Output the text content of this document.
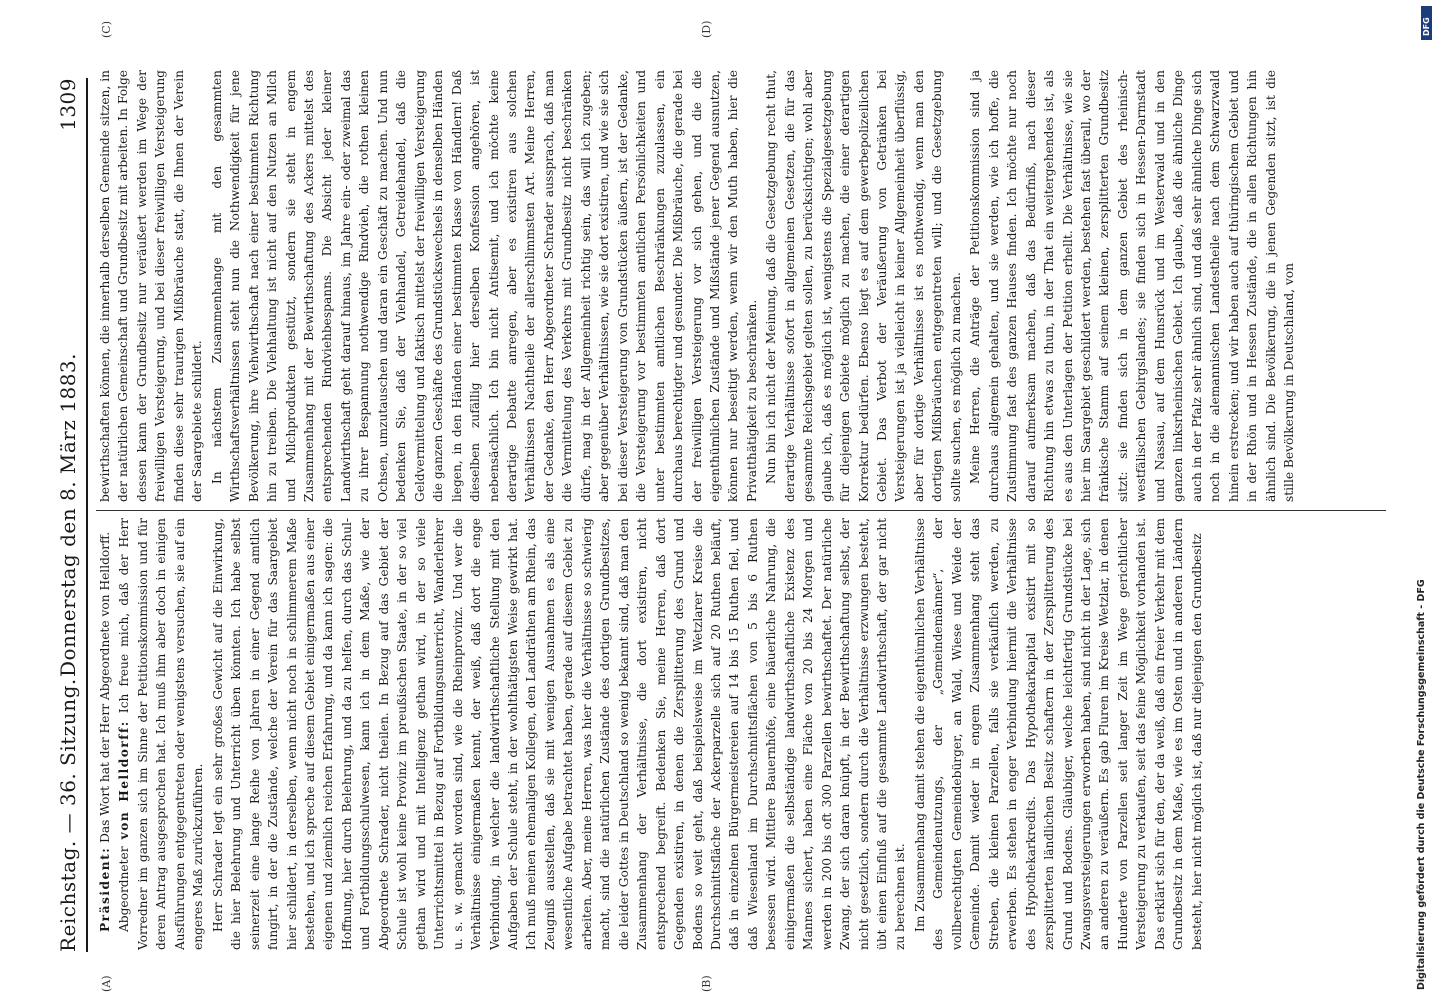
Reichstag. — 36. Sitzung.
Donnerstag den 8. März 1883.
1309
(A)	(B)
(C)	(D)

Präsident: Das Wort hat der Herr Abgeordnete von Helldorff.

Abgeordneter von Helldorff: Ich freue mich, daß der Herr Vorredner im ganzen sich im Sinne der Petitionskommission und für deren Antrag ausgesprochen hat. Ich muß ihm aber doch in einigen Ausführungen entgegentreten oder wenigstens versuchen, sie auf ein engeres Maß zurückzuführen. Herr Schrader legt ein sehr großes Gewicht auf die Einwirkung, die hier Belehrung und Unterricht üben könnten. Ich habe selbst seinerzeit eine lange Reihe von Jahren in einer Gegend amtlich fungirt, in der die Zustände, welche der Verein für das Saargebiet hier schildert, in derselben, wenn nicht noch in schlimmerem Maße bestehen, und ich spreche auf diesem Gebiet einigermaßen aus einer eigenen und ziemlich reichen Erfahrung, und da kann ich sagen: die Hoffnung, hier durch Belehrung, und da zu helfen, durch das Schul- und Fortbildungsschulwesen, kann ich in dem Maße, wie der Abgeordnete Schrader, nicht theilen. In Bezug auf das Gebiet der Schule ist wohl keine Provinz im preußischen Staate, in der so viel gethan wird und mit Intelligenz gethan wird, in der so viele Unterrichtsmittel in Bezug auf Fortbildungsunterricht, Wanderlehrer u. s. w. gemacht worden sind, wie die Rheinprovinz. Und wer die Verhältnisse einigermaßen kennt, der weiß, daß dort die enge Verbindung, in welcher die landwirthschaftliche Stellung mit den Aufgaben der Schule steht, in der wohlthätigsten Weise gewirkt hat. Ich muß meinen ehemaligen Kollegen, den Landräthen am Rhein, das Zeugniß ausstellen, daß sie mit wenigen Ausnahmen es als eine wesentliche Aufgabe betrachtet haben, gerade auf diesem Gebiet zu arbeiten. Aber, meine Herren, was hier die Verhältnisse so schwierig macht, sind die natürlichen Zustände des dortigen Grundbesitzes, die leider Gottes in Deutschland so wenig bekannt sind, daß man den Zusammenhang der Verhältnisse, die dort existiren, nicht entsprechend begreift. Bedenken Sie, meine Herren, daß dort Gegenden existiren, in denen die Zersplitterung des Grund und Bodens so weit geht, daß beispielsweise im Wetzlarer Kreise die Durchschnittsfläche der Ackerparzelle sich auf 20 Ruthen beläuft, daß in einzelnen Bürgermeistereien auf 14 bis 15 Ruthen fiel, und daß Wiesenland im Durchschnittsflächen von 5 bis 6 Ruthen besessen wird. Mittlere Bauernhöfe, eine bäuerliche Nahrung, die einigermaßen die selbständige landwirthschaftliche Existenz des Mannes sichert, haben eine Fläche von 20 bis 24 Morgen und werden in 200 bis oft 300 Parzellen bewirthschaftet. Der natürliche Zwang, der sich daran knüpft, in der Bewirthschaftung selbst, der nicht gesetzlich, sondern durch die Verhältnisse erzwungen besteht, übt einen Einfluß auf die gesammte Landwirthschaft, der gar nicht zu berechnen ist. Im Zusammenhang damit stehen die eigenthümlichen Verhältnisse des Gemeindenutzungs, der „Gemeindemänner“, der vollberechtigten Gemeindebürger, an Wald, Wiese und Weide der Gemeinde. Damit wieder in engem Zusammenhang steht das Streben, die kleinen Parzellen, falls sie verkäuflich werden, zu erwerben. Es stehen in enger Verbindung hiermit die Verhältnisse des Hypothekarkredits. Das Hypothekarkapital existirt mit so zersplitterten ländlichen Besitz schaftern in der Zersplitterung des Grund und Bodens. Gläubiger, welche leichtfertig Grundstücke bei Zwangsversteigerungen erworben haben, sind nicht in der Lage, sich an anderen zu veräußern. Es gab Fluren im Kreise Wetzlar, in denen Hunderte von Parzellen seit langer Zeit im Wege gerichtlicher Versteigerung zu verkaufen, seit das feine Möglichkeit vorhanden ist. Das erklärt sich für den, der da weiß, daß ein freier Verkehr mit dem Grundbesitz in dem Maße, wie es im Osten und in anderen Ländern besteht, hier nicht möglich ist, daß nur diejenigen den Grundbesitz

bewirthschaften können, die innerhalb derselben Gemeinde sitzen, in der natürlichen Gemeinschaft und Grundbesitz mit arbeiten. In Folge dessen kann der Grundbesitz nur veräußert werden im Wege der freiwilligen Versteigerung, und bei dieser freiwilligen Versteigerung finden diese sehr traurigen Mißbräuche statt, die Ihnen der Verein der Saargebiete schildert. In nächstem Zusammenhange mit den gesammten Wirthschaftsverhältnissen steht nun die Nothwendigkeit für jene Bevölkerung, ihre Viehwirthschaft nach einer bestimmten Richtung hin zu treiben. Die Viehhaltung ist nicht auf den Nutzen an Milch und Milchprodukten gestützt, sondern sie steht in engem Zusammenhang mit der Bewirthschaftung des Ackers mittelst des entsprechenden Rindviehbespanns. Die Absicht jeder kleiner Landwirthschaft geht darauf hinaus, im Jahre ein- oder zweimal das zu ihrer Bespannung nothwendige Rindvieh, die rothen kleinen Ochsen, umzutauschen und daran ein Geschäft zu machen. Und nun bedenken Sie, daß der Viehhandel, Getreidehandel, daß die Geldvermittelung und faktisch mittelst der freiwilligen Versteigerung die ganzen Geschäfte des Grundstückswechsels in denselben Händen liegen, in den Händen einer bestimmten Klasse von Händlern! Daß dieselben zufällig hier derselben Konfession angehören, ist nebensächlich. Ich bin nicht Antisemit, und ich möchte keine derartige Debatte anregen, aber es existiren aus solchen Verhältnissen Nachtheile der allerschlimmsten Art. Meine Herren, der Gedanke, den Herr Abgeordneter Schrader aussprach, daß man die Vermittelung des Verkehrs mit Grundbesitz nicht beschränken dürfe, mag in der Allgemeinheit richtig sein, das will ich zugeben; aber gegenüber Verhältnissen, wie sie dort existiren, und wie sie sich bei dieser Versteigerung von Grundstücken äußern, ist der Gedanke, die Versteigerung vor bestimmten amtlichen Persönlichkeiten und unter bestimmten amtlichen Beschränkungen zuzulassen, ein durchaus berechtigter und gesunder. Die Mißbräuche, die gerade bei der freiwilligen Versteigerung vor sich gehen, und die die eigenthümlichen Zustände und Mißstände jener Gegend ausnutzen, können nur beseitigt werden, wenn wir den Muth haben, hier die Privatthätigkeit zu beschränken. Nun bin ich nicht der Meinung, daß die Gesetzgebung recht thut, derartige Verhältnisse sofort in allgemeinen Gesetzen, die für das gesammte Reichsgebiet gelten sollen, zu berücksichtigen; wohl aber glaube ich, daß es möglich ist, wenigstens die Spezialgesetzgebung für diejenigen Gebiete möglich zu machen, die einer derartigen Korrektur bedürfen. Ebenso liegt es auf dem gewerbepolizeilichen Gebiet. Das Verbot der Veräußerung von Getränken bei Versteigerungen ist ja vielleicht in keiner Allgemeinheit überflüssig, aber für dortige Verhältnisse ist es nothwendig, wenn man den dortigen Mißbräuchen entgegentreten will; und die Gesetzgebung sollte suchen, es möglich zu machen. Meine Herren, die Anträge der Petitionskommission sind ja durchaus allgemein gehalten, und sie werden, wie ich hoffe, die Zustimmung fast des ganzen Hauses finden. Ich möchte nur noch darauf aufmerksam machen, daß das Bedürfniß, nach dieser Richtung hin etwas zu thun, in der That ein weitergehendes ist, als es aus den Unterlagen der Petition erhellt. Die Verhältnisse, wie sie hier im Saargebiet geschildert werden, bestehen fast überall, wo der fränkische Stamm auf seinem kleinen, zersplitterten Grundbesitz sitzt: sie finden sich in dem ganzen Gebiet des rheinisch-westfälischen Gebirgslandes; sie finden sich in Hessen-Darmstadt und Nassau, auf dem Hunsrück und im Westerwald und in den ganzen linksrheinischen Gebiet. Ich glaube, daß die ähnliche Dinge auch in der Pfalz sehr ähnlich sind, und daß sehr ähnliche Dinge sich noch in die alemannischen Landestheile nach dem Schwarzwald hinein erstrecken; und wir haben auch auf thüringischem Gebiet und in der Rhön und in Hessen Zustände, die in allen Richtungen hin ähnlich sind. Die Bevölkerung, die in jenen Gegenden sitzt, ist die stille Bevölkerung in Deutschland, von

DFG
Digitalisierung gefördert durch die Deutsche Forschungsgemeinschaft - DFG
